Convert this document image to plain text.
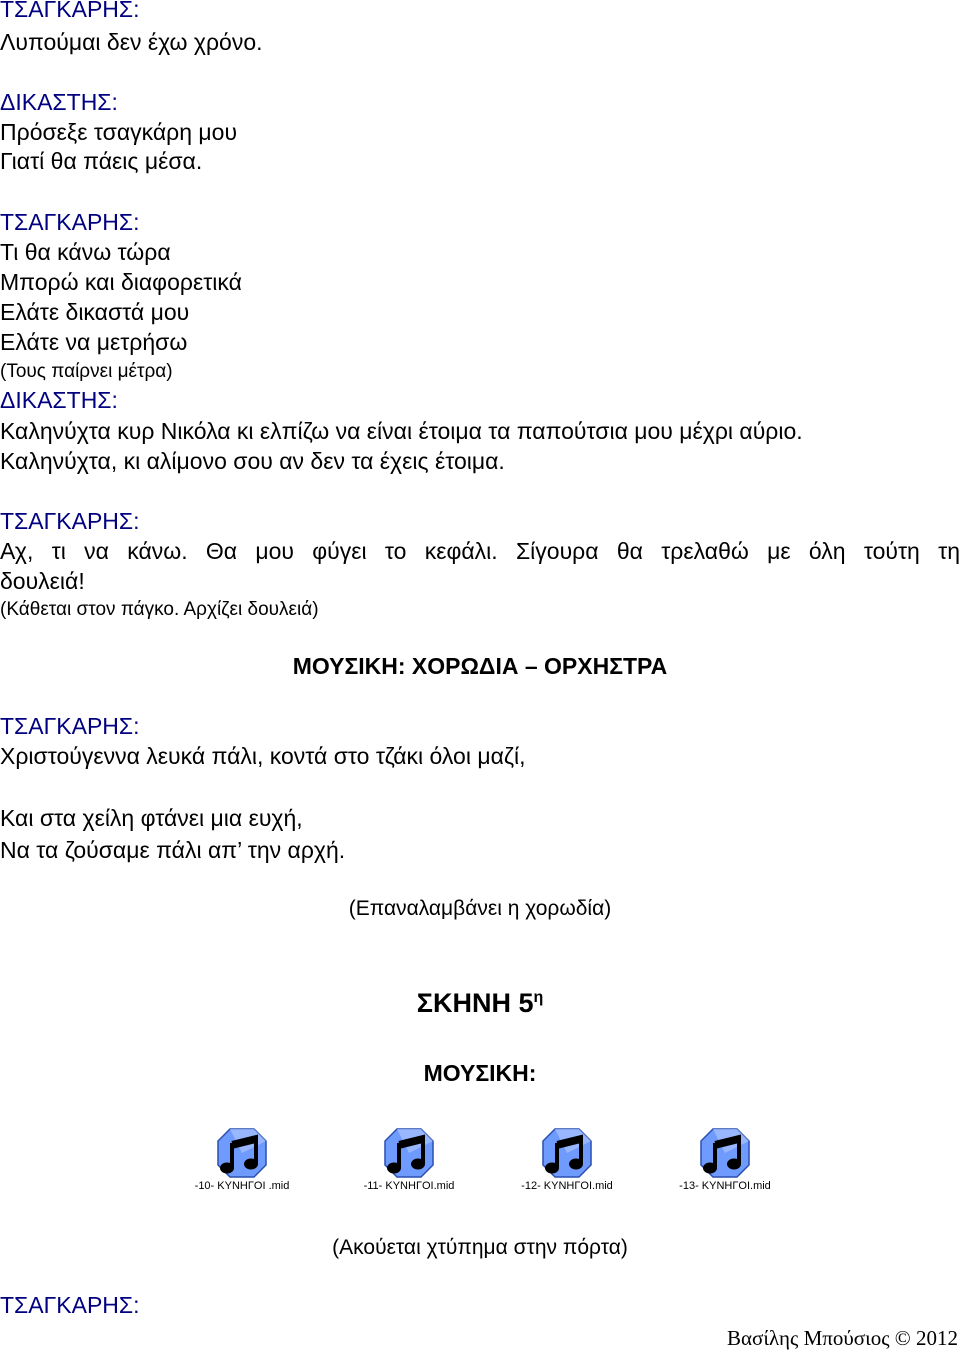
ΤΣΑΓΚΑΡΗΣ:
Λυπούμαι δεν έχω χρόνο.
ΔΙΚΑΣΤΗΣ:
Πρόσεξε τσαγκάρη μου
Γιατί θα πάεις μέσα.
ΤΣΑΓΚΑΡΗΣ:
Τι θα κάνω τώρα
Μπορώ και διαφορετικά
Ελάτε δικαστά μου
Ελάτε να μετρήσω
(Τους παίρνει μέτρα)
ΔΙΚΑΣΤΗΣ:
Καληνύχτα κυρ Νικόλα κι ελπίζω να είναι έτοιμα τα παπούτσια μου μέχρι αύριο.
Καληνύχτα, κι αλίμονο σου αν δεν τα έχεις έτοιμα.
ΤΣΑΓΚΑΡΗΣ:
Αχ, τι να κάνω. Θα μου φύγει το κεφάλι. Σίγουρα θα τρελαθώ με όλη τούτη τη
δουλειά!
(Κάθεται στον πάγκο. Αρχίζει δουλειά)
ΜΟΥΣΙΚΗ: ΧΟΡΩΔΙΑ – ΟΡΧΗΣΤΡΑ
ΤΣΑΓΚΑΡΗΣ:
Χριστούγεννα λευκά πάλι, κοντά στο τζάκι όλοι μαζί,
Και στα χείλη φτάνει μια ευχή,
Να τα ζούσαμε πάλι απ’ την αρχή.
(Επαναλαμβάνει η χορωδία)
ΣΚΗΝΗ $5^\eta$
ΜΟΥΣΙΚΗ:
-10- ΚΥΝΗΓΟΙ .mid	-11- ΚΥΝΗΓΟΙ.mid	-12- ΚΥΝΗΓΟΙ.mid	-13- ΚΥΝΗΓΟΙ.mid
(Ακούεται χτύπημα στην πόρτα)
ΤΣΑΓΚΑΡΗΣ:
Βασίλης Μπούσιος © 2012
